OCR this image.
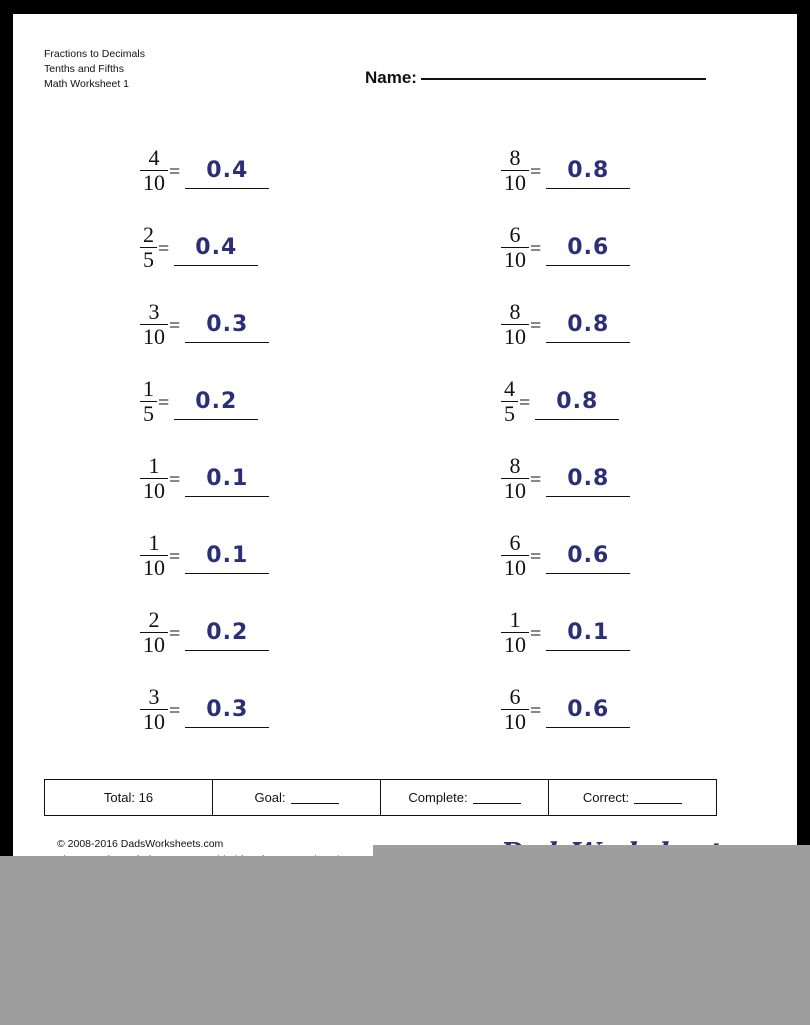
Fractions to Decimals
Tenths and Fifths
Math Worksheet 1	Name:
$\frac{4}{10}$ =	0.4	$\frac{8}{10}$ =	0.8
$\frac{2}{5}$ =	0.4	$\frac{6}{10}$ =	0.6
$\frac{3}{10}$ =	0.3	$\frac{8}{10}$ =	0.8
$\frac{1}{5}$ =	0.2	$\frac{4}{5}$ =	0.8
$\frac{1}{10}$ =	0.1	$\frac{8}{10}$ =	0.8
$\frac{1}{10}$ =	0.1	$\frac{6}{10}$ =	0.6
$\frac{2}{10}$ =	0.2	$\frac{1}{10}$ =	0.1
$\frac{3}{10}$ =	0.3	$\frac{6}{10}$ =	0.6
Total: 16	Goal:	Complete:	Correct:
© 2008-2016 DadsWorksheets.com
